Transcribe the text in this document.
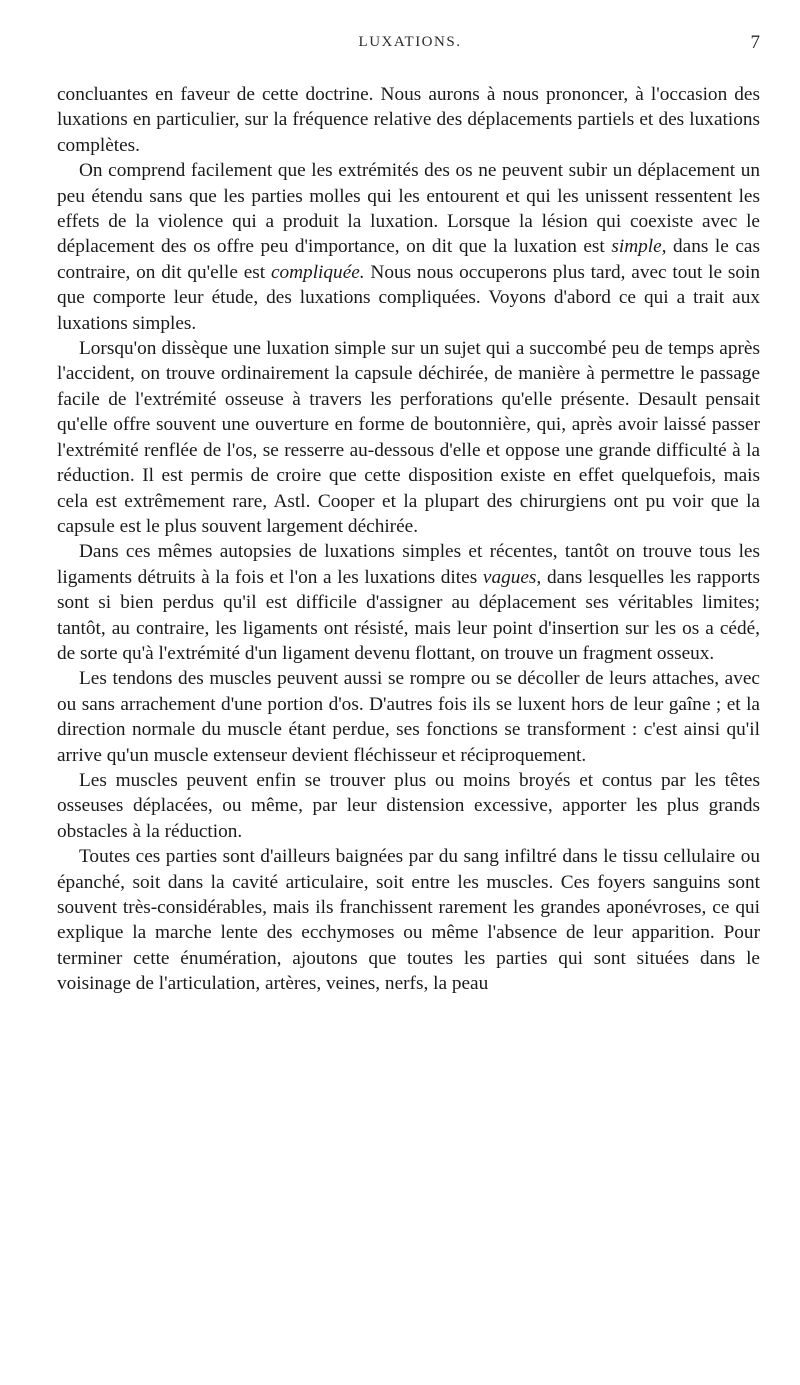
LUXATIONS.	7

concluantes en faveur de cette doctrine. Nous aurons à nous prononcer, à l'occasion des luxations en particulier, sur la fréquence relative des déplacements partiels et des luxations complètes.

On comprend facilement que les extrémités des os ne peuvent subir un déplacement un peu étendu sans que les parties molles qui les entourent et qui les unissent ressentent les effets de la violence qui a produit la luxation. Lorsque la lésion qui coexiste avec le déplacement des os offre peu d'importance, on dit que la luxation est simple, dans le cas contraire, on dit qu'elle est compliquée. Nous nous occuperons plus tard, avec tout le soin que comporte leur étude, des luxations compliquées. Voyons d'abord ce qui a trait aux luxations simples.

Lorsqu'on dissèque une luxation simple sur un sujet qui a succombé peu de temps après l'accident, on trouve ordinairement la capsule déchirée, de manière à permettre le passage facile de l'extrémité osseuse à travers les perforations qu'elle présente. Desault pensait qu'elle offre souvent une ouverture en forme de boutonnière, qui, après avoir laissé passer l'extrémité renflée de l'os, se resserre au-dessous d'elle et oppose une grande difficulté à la réduction. Il est permis de croire que cette disposition existe en effet quelquefois, mais cela est extrêmement rare, Astl. Cooper et la plupart des chirurgiens ont pu voir que la capsule est le plus souvent largement déchirée.

Dans ces mêmes autopsies de luxations simples et récentes, tantôt on trouve tous les ligaments détruits à la fois et l'on a les luxations dites vagues, dans lesquelles les rapports sont si bien perdus qu'il est difficile d'assigner au déplacement ses véritables limites; tantôt, au contraire, les ligaments ont résisté, mais leur point d'insertion sur les os a cédé, de sorte qu'à l'extrémité d'un ligament devenu flottant, on trouve un fragment osseux.

Les tendons des muscles peuvent aussi se rompre ou se décoller de leurs attaches, avec ou sans arrachement d'une portion d'os. D'autres fois ils se luxent hors de leur gaîne ; et la direction normale du muscle étant perdue, ses fonctions se transforment : c'est ainsi qu'il arrive qu'un muscle extenseur devient fléchisseur et réciproquement.

Les muscles peuvent enfin se trouver plus ou moins broyés et contus par les têtes osseuses déplacées, ou même, par leur distension excessive, apporter les plus grands obstacles à la réduction.

Toutes ces parties sont d'ailleurs baignées par du sang infiltré dans le tissu cellulaire ou épanché, soit dans la cavité articulaire, soit entre les muscles. Ces foyers sanguins sont souvent très-considérables, mais ils franchissent rarement les grandes aponévroses, ce qui explique la marche lente des ecchymoses ou même l'absence de leur apparition. Pour terminer cette énumération, ajoutons que toutes les parties qui sont situées dans le voisinage de l'articulation, artères, veines, nerfs, la peau
